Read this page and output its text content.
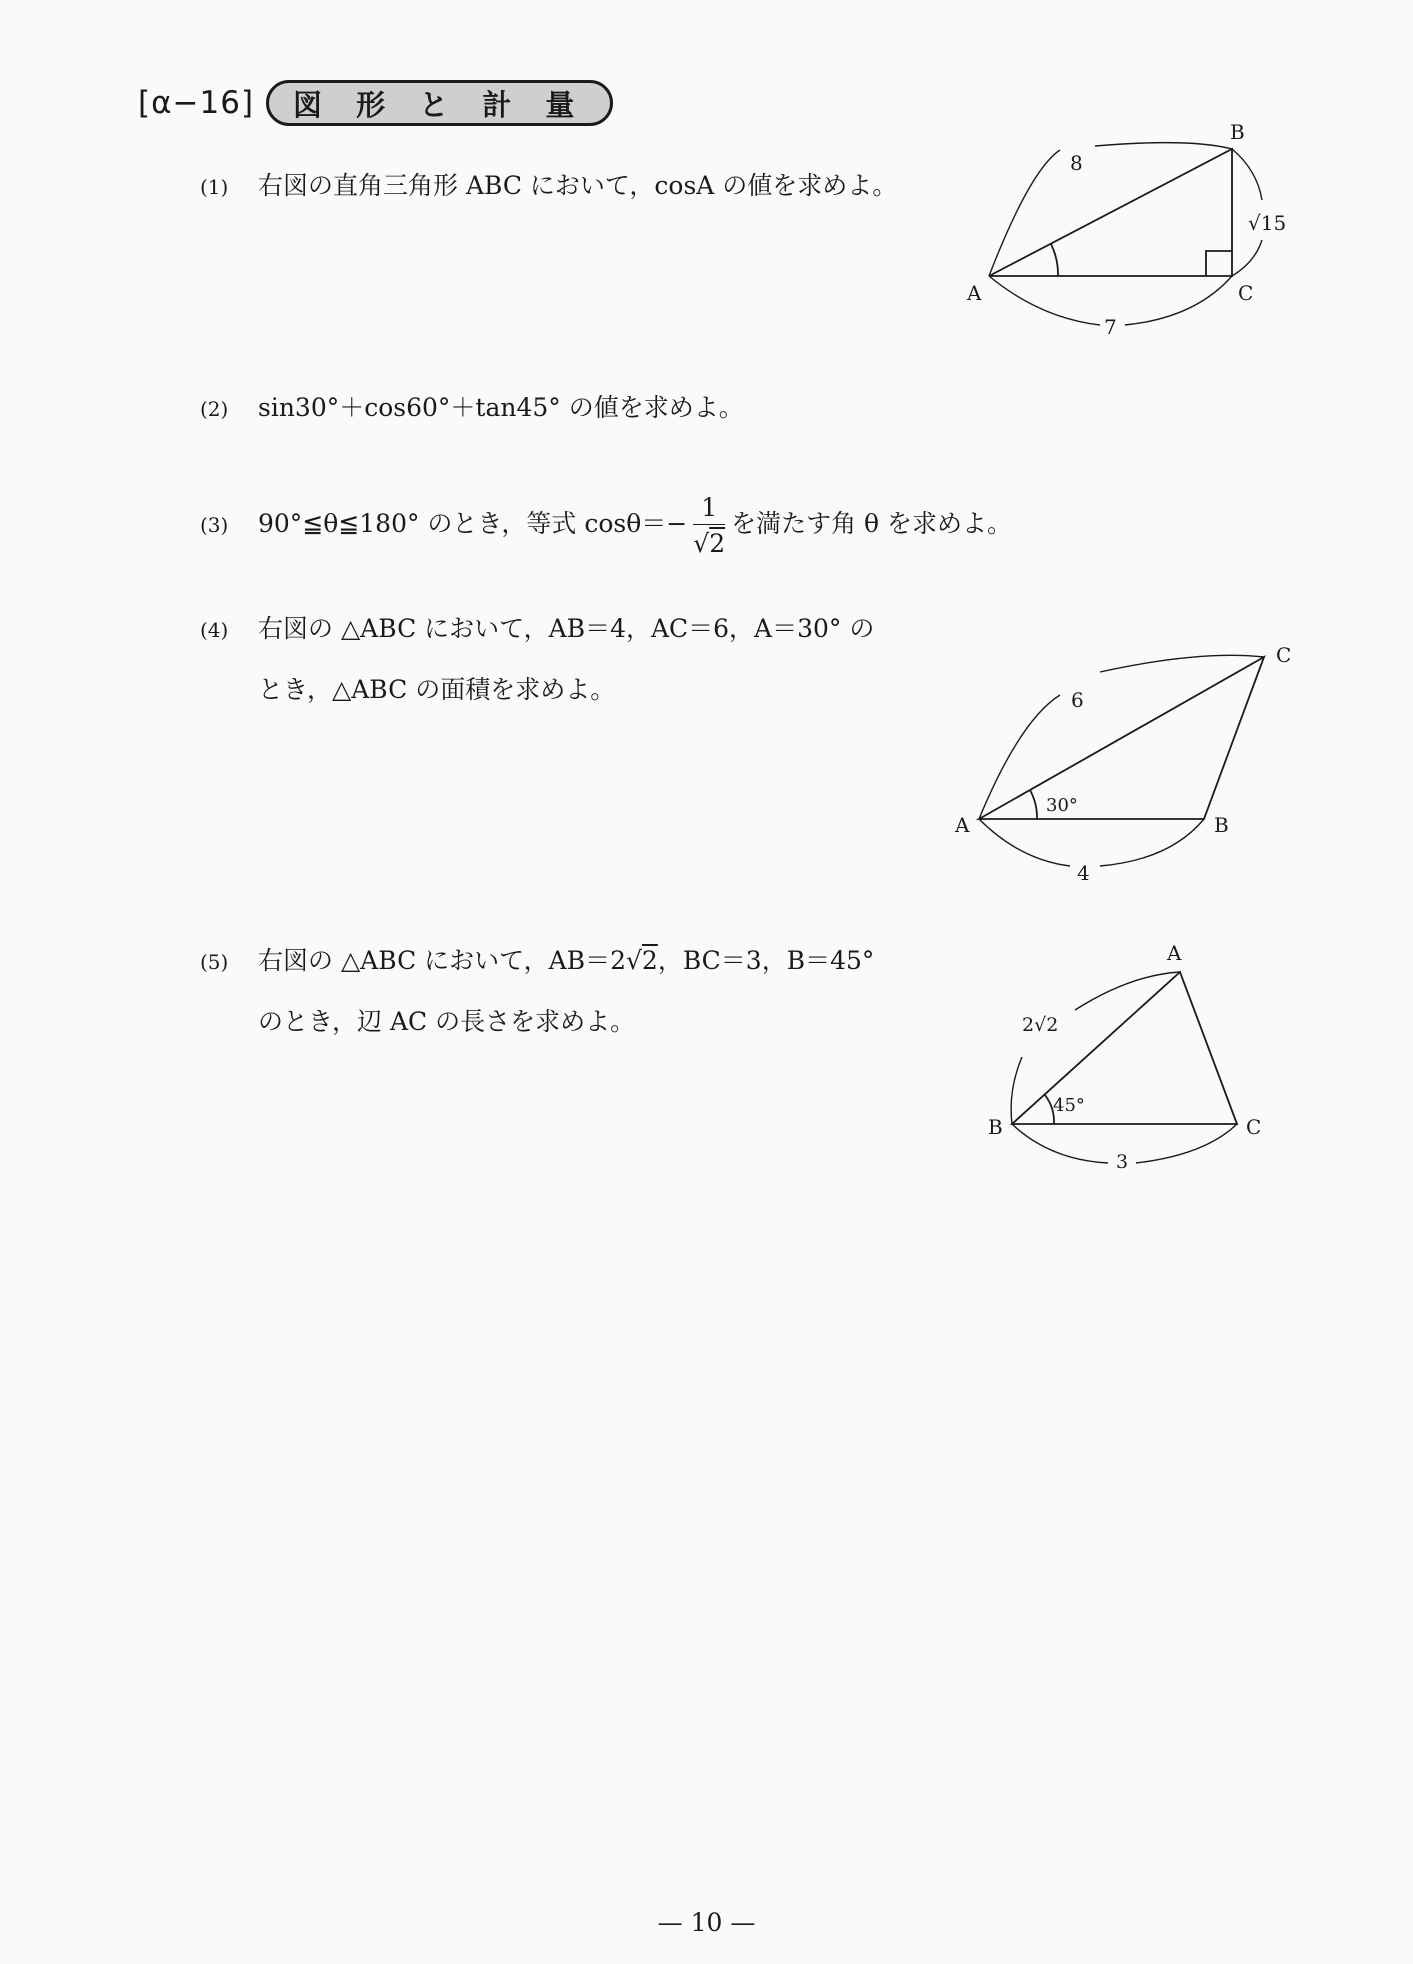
[α−16]	図 形 と 計 量
(1) 右図の直角三角形 ABC において，cosA の値を求めよ。
(2) sin30°＋cos60°＋tan45° の値を求めよ。
(3) 90°≦θ≦180° のとき，等式 $\cos\theta=- \frac{1}{√2}$ を満たす角 θ を求めよ。
(4) 右図の △ABC において，AB＝4，AC＝6，A＝30° の
とき，△ABC の面積を求めよ。
(5) 右図の △ABC において，AB＝2√2，BC＝3，B＝45°
のとき，辺 AC の長さを求めよ。
A
B
C
8
√15
7
A	B
C
6
4
30°
A
B	C
2√2
3
45°
— 10 —
